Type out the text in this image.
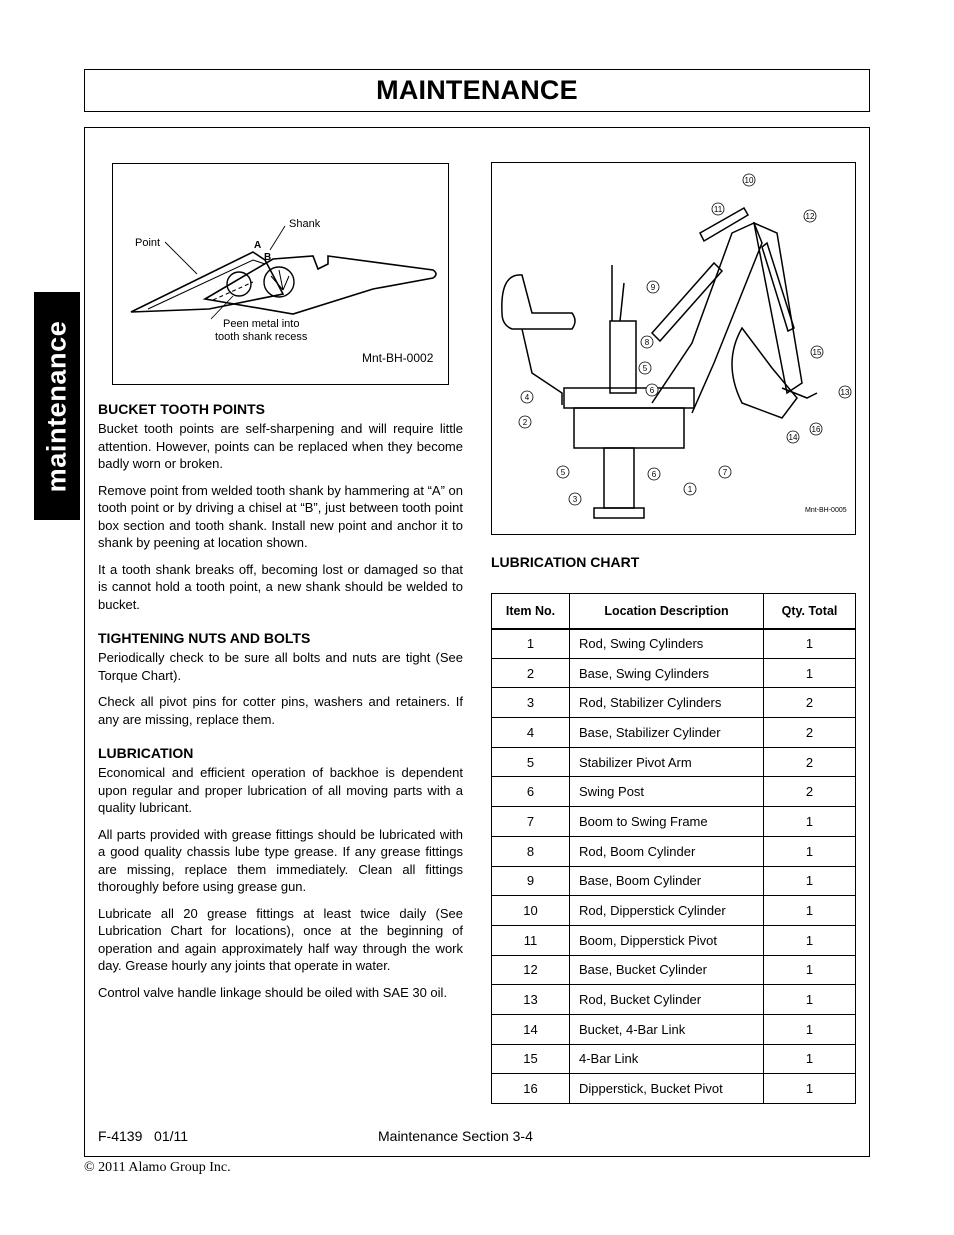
MAINTENANCE
maintenance
Point
Shank
A
B
Peen metal into
tooth shank recess
Mnt-BH-0002
1
2
3
4
5	6	7
8
9
10
11
12
13
14
15
16
5
6
Mnt-BH-0005
BUCKET TOOTH POINTS

Bucket tooth points are self-sharpening and will require little attention. However, points can be replaced when they become badly worn or broken.

Remove point from welded tooth shank by hammering at “A” on tooth point or by driving a chisel at “B”, just between tooth point box section and tooth shank. Install new point and anchor it to shank by peening at location shown.

It a tooth shank breaks off, becoming lost or damaged so that is cannot hold a tooth point, a new shank should be welded to bucket.

TIGHTENING NUTS AND BOLTS

Periodically check to be sure all bolts and nuts are tight (See Torque Chart).

Check all pivot pins for cotter pins, washers and retainers. If any are missing, replace them.

LUBRICATION

Economical and efficient operation of backhoe is dependent upon regular and proper lubrication of all moving parts with a quality lubricant.

All parts provided with grease fittings should be lubricated with a good quality chassis lube type grease. If any grease fittings are missing, replace them immediately. Clean all fittings thoroughly before using grease gun.

Lubricate all 20 grease fittings at least twice daily (See Lubrication Chart for locations), once at the beginning of operation and again approximately half way through the work day. Grease hourly any joints that operate in water.

Control valve handle linkage should be oiled with SAE 30 oil.

LUBRICATION CHART
Item No.	Location Description	Qty. Total
1	Rod, Swing Cylinders	1
2	Base, Swing Cylinders	1
3	Rod, Stabilizer Cylinders	2
4	Base, Stabilizer Cylinder	2
5	Stabilizer Pivot Arm	2
6	Swing Post	2
7	Boom to Swing Frame	1
8	Rod, Boom Cylinder	1
9	Base, Boom Cylinder	1
10	Rod, Dipperstick Cylinder	1
11	Boom, Dipperstick Pivot	1
12	Base, Bucket Cylinder	1
13	Rod, Bucket Cylinder	1
14	Bucket, 4-Bar Link	1
15	4-Bar Link	1
16	Dipperstick, Bucket Pivot	1
F-4139   01/11	Maintenance Section 3-4
© 2011 Alamo Group Inc.
